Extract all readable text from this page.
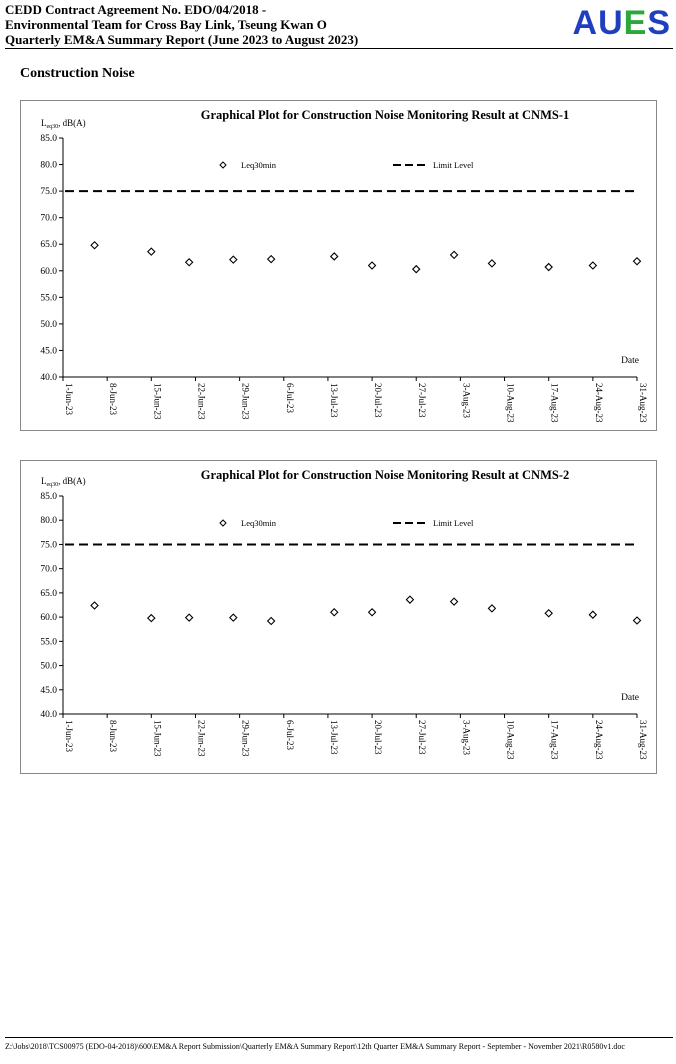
CEDD Contract Agreement No. EDO/04/2018 -
Environmental Team for Cross Bay Link, Tseung Kwan O
Quarterly EM&A Summary Report (June 2023 to August 2023)	AUES
Construction Noise
Graphical Plot for Construction Noise Monitoring Result at CNMS-1
$L_{eq30}$, dB(A)
40.0
45.0
50.0
55.0
60.0
65.0
70.0
75.0
80.0
85.0
1-Jun-23	8-Jun-23	15-Jun-23	22-Jun-23	29-Jun-23	6-Jul-23	13-Jul-23	20-Jul-23	27-Jul-23	3-Aug-23	10-Aug-23	17-Aug-23	24-Aug-23	31-Aug-23
Date
Leq30min	Limit Level
Graphical Plot for Construction Noise Monitoring Result at CNMS-2
$L_{eq30}$, dB(A)
40.0
45.0
50.0
55.0
60.0
65.0
70.0
75.0
80.0
85.0
1-Jun-23	8-Jun-23	15-Jun-23	22-Jun-23	29-Jun-23	6-Jul-23	13-Jul-23	20-Jul-23	27-Jul-23	3-Aug-23	10-Aug-23	17-Aug-23	24-Aug-23	31-Aug-23
Date
Leq30min	Limit Level
Z:\Jobs\2018\TCS00975 (EDO-04-2018)\600\EM&A Report Submission\Quarterly EM&A Summary Report\12th Quarter EM&A Summary Report - September - November 2021\R0580v1.doc
